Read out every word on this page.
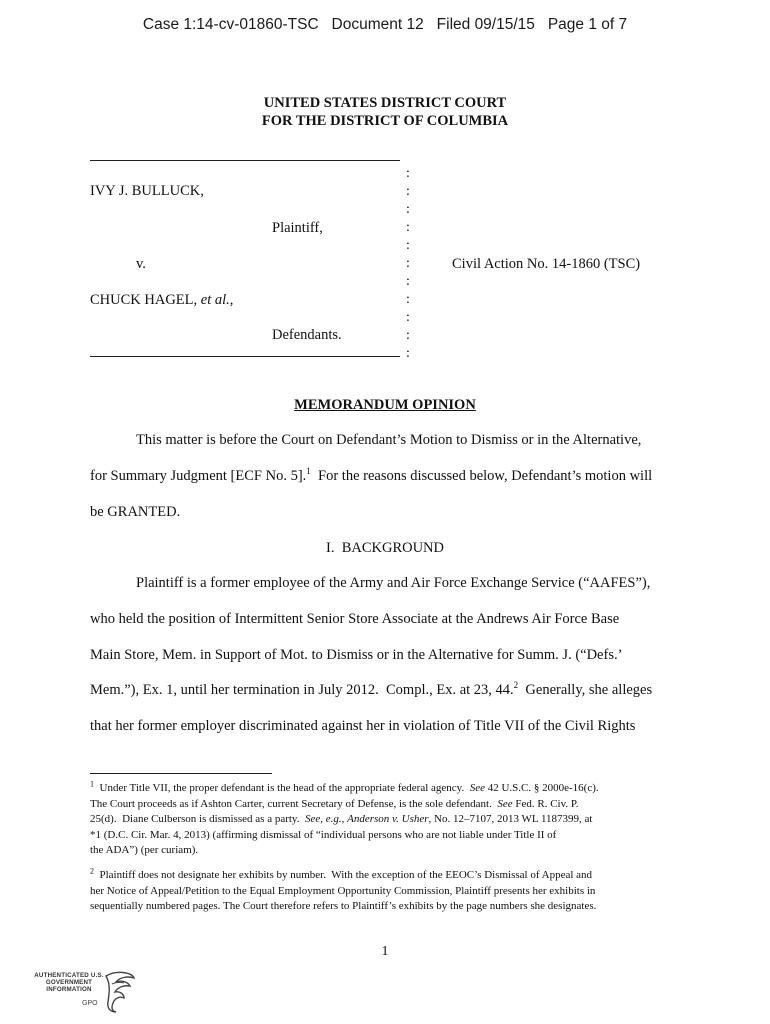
Case 1:14-cv-01860-TSC   Document 12   Filed 09/15/15   Page 1 of 7
UNITED STATES DISTRICT COURT
FOR THE DISTRICT OF COLUMBIA
:
:
:
:
:
:
:
:
:
:
:
IVY J. BULLUCK,
Plaintiff,
v.	Civil Action No. 14-1860 (TSC)
CHUCK HAGEL, et al.,
Defendants.
MEMORANDUM OPINION
This matter is before the Court on Defendant’s Motion to Dismiss or in the Alternative,
for Summary Judgment [ECF No. 5].$^1$  For the reasons discussed below, Defendant’s motion will
be GRANTED.
I.  BACKGROUND
Plaintiff is a former employee of the Army and Air Force Exchange Service (“AAFES”),
who held the position of Intermittent Senior Store Associate at the Andrews Air Force Base
Main Store, Mem. in Support of Mot. to Dismiss or in the Alternative for Summ. J. (“Defs.’
Mem.”), Ex. 1, until her termination in July 2012.  Compl., Ex. at 23, 44.$^2$  Generally, she alleges
that her former employer discriminated against her in violation of Title VII of the Civil Rights
$^1$  Under Title VII, the proper defendant is the head of the appropriate federal agency.  See 42 U.S.C. § 2000e-16(c).
The Court proceeds as if Ashton Carter, current Secretary of Defense, is the sole defendant.  See Fed. R. Civ. P.
25(d).  Diane Culberson is dismissed as a party.  See, e.g., Anderson v. Usher, No. 12–7107, 2013 WL 1187399, at
*1 (D.C. Cir. Mar. 4, 2013) (affirming dismissal of “individual persons who are not liable under Title II of
the ADA”) (per curiam).
$^2$  Plaintiff does not designate her exhibits by number.  With the exception of the EEOC’s Dismissal of Appeal and
her Notice of Appeal/Petition to the Equal Employment Opportunity Commission, Plaintiff presents her exhibits in
sequentially numbered pages. The Court therefore refers to Plaintiff’s exhibits by the page numbers she designates.
1
AUTHENTICATED U.S. GOVERNMENT INFORMATION
GPO
